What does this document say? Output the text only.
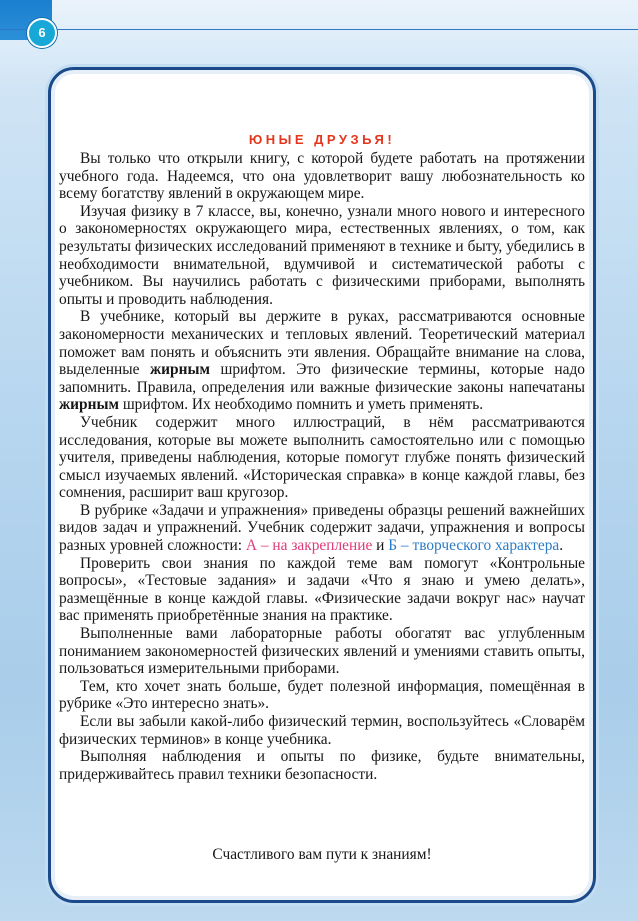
6
ЮНЫЕ ДРУЗЬЯ!

Вы только что открыли книгу, с которой будете работать на протяжении учебного года. Надеемся, что она удовлетворит вашу любознательность ко всему богатству явлений в окружающем мире.

Изучая физику в 7 классе, вы, конечно, узнали много нового и интересного о закономерностях окружающего мира, естественных явлениях, о том, как результаты физических исследований применяют в технике и быту, убедились в необходимости внимательной, вдумчивой и систематической работы с учебником. Вы научились работать с физическими приборами, выполнять опыты и проводить наблюдения.

В учебнике, который вы держите в руках, рассматриваются основные закономерности механических и тепловых явлений. Теоретический материал поможет вам понять и объяснить эти явления. Обращайте внимание на слова, выделенные жирным шрифтом. Это физические термины, которые надо запомнить. Правила, определения или важные физические законы напечатаны жирным шрифтом. Их необходимо помнить и уметь применять.

Учебник содержит много иллюстраций, в нём рассматриваются исследования, которые вы можете выполнить самостоятельно или с помощью учителя, приведены наблюдения, которые помогут глубже понять физический смысл изучаемых явлений. «Историческая справка» в конце каждой главы, без сомнения, расширит ваш кругозор.

В рубрике «Задачи и упражнения» приведены образцы решений важнейших видов задач и упражнений. Учебник содержит задачи, упражнения и вопросы разных уровней сложности: А – на закрепление и Б – творческого характера.

Проверить свои знания по каждой теме вам помогут «Контрольные вопросы», «Тестовые задания» и задачи «Что я знаю и умею делать», размещённые в конце каждой главы. «Физические задачи вокруг нас» научат вас применять приобретённые знания на практике.

Выполненные вами лабораторные работы обогатят вас углубленным пониманием закономерностей физических явлений и умениями ставить опыты, пользоваться измерительными приборами.

Тем, кто хочет знать больше, будет полезной информация, помещённая в рубрике «Это интересно знать».

Если вы забыли какой-либо физический термин, воспользуйтесь «Словарём физических терминов» в конце учебника.

Выполняя наблюдения и опыты по физике, будьте внимательны, придерживайтесь правил техники безопасности.

Счастливого вам пути к знаниям!
